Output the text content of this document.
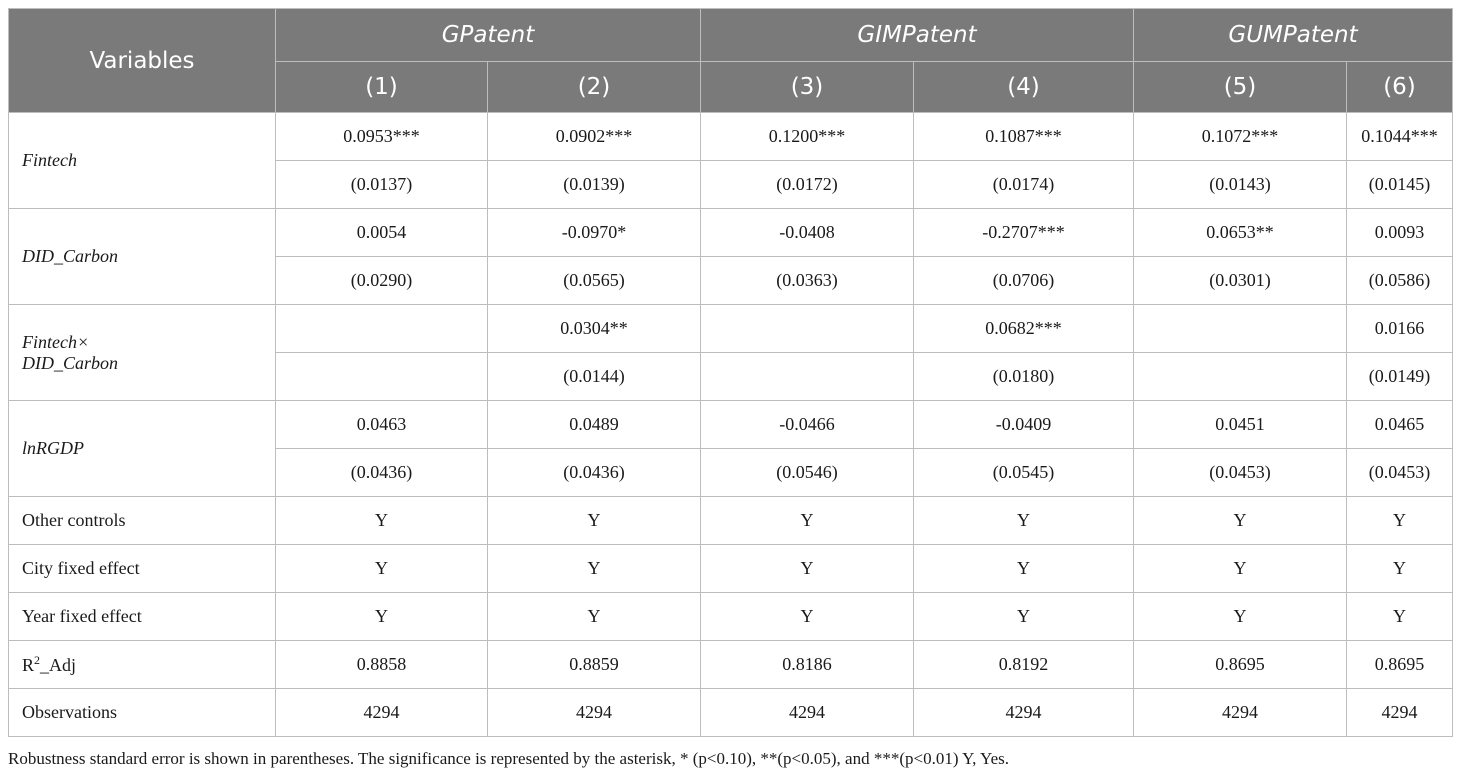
Variables	GPatent		GIMPatent		GUMPatent	
	(1)	(2)	(3)	(4)	(5)	(6)
Fintech	0.0953***	0.0902***	0.1200***	0.1087***	0.1072***	0.1044***
	(0.0137)	(0.0139)	(0.0172)	(0.0174)	(0.0143)	(0.0145)
DID_Carbon	0.0054	-0.0970*	-0.0408	-0.2707***	0.0653**	0.0093
	(0.0290)	(0.0565)	(0.0363)	(0.0706)	(0.0301)	(0.0586)
Fintech×
DID_Carbon		0.0304**		0.0682***		0.0166
		(0.0144)		(0.0180)		(0.0149)
lnRGDP	0.0463	0.0489	-0.0466	-0.0409	0.0451	0.0465
	(0.0436)	(0.0436)	(0.0546)	(0.0545)	(0.0453)	(0.0453)
Other controls	Y	Y	Y	Y	Y	Y
City fixed effect	Y	Y	Y	Y	Y	Y
Year fixed effect	Y	Y	Y	Y	Y	Y
$R^2\_Adj$	0.8858	0.8859	0.8186	0.8192	0.8695	0.8695
Observations	4294	4294	4294	4294	4294	4294
Robustness standard error is shown in parentheses. The significance is represented by the asterisk, * (p<0.10), **(p<0.05), and ***(p<0.01) Y, Yes.
